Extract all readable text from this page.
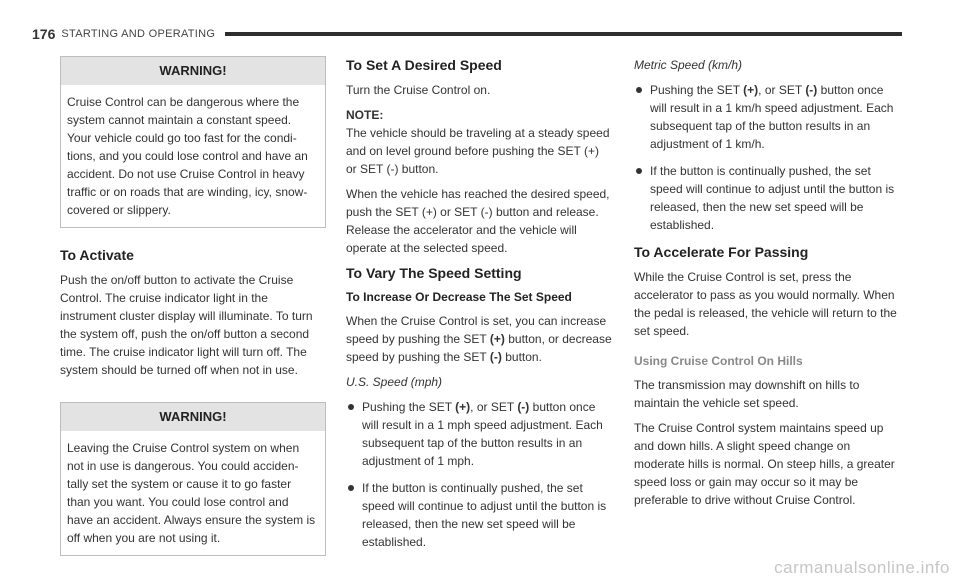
176 STARTING AND OPERATING
WARNING!
Cruise Control can be dangerous where the system cannot maintain a constant speed. Your vehicle could go too fast for the condi-tions, and you could lose control and have an accident. Do not use Cruise Control in heavy traffic or on roads that are winding, icy, snow-covered or slippery.
To Activate

Push the on/off button to activate the Cruise Control. The cruise indicator light in the instrument cluster display will illuminate. To turn the system off, push the on/off button a second time. The cruise indicator light will turn off. The system should be turned off when not in use.

WARNING!
Leaving the Cruise Control system on when not in use is dangerous. You could acciden-tally set the system or cause it to go faster than you want. You could lose control and have an accident. Always ensure the system is off when you are not using it.
To Set A Desired Speed

Turn the Cruise Control on.

NOTE:
The vehicle should be traveling at a steady speed and on level ground before pushing the SET (+) or SET (-) button.

When the vehicle has reached the desired speed, push the SET (+) or SET (-) button and release. Release the accelerator and the vehicle will operate at the selected speed.

To Vary The Speed Setting
To Increase Or Decrease The Set Speed

When the Cruise Control is set, you can increase speed by pushing the SET (+) button, or decrease speed by pushing the SET (-) button.

U.S. Speed (mph)

Pushing the SET (+), or SET (-) button once will result in a 1 mph speed adjustment. Each subsequent tap of the button results in an adjustment of 1 mph.
If the button is continually pushed, the set speed will continue to adjust until the button is released, then the new set speed will be established.

Metric Speed (km/h)

Pushing the SET (+), or SET (-) button once will result in a 1 km/h speed adjustment. Each subsequent tap of the button results in an adjustment of 1 km/h.
If the button is continually pushed, the set speed will continue to adjust until the button is released, then the new set speed will be established.
To Accelerate For Passing

While the Cruise Control is set, press the accelerator to pass as you would normally. When the pedal is released, the vehicle will return to the set speed.

Using Cruise Control On Hills

The transmission may downshift on hills to maintain the vehicle set speed.

The Cruise Control system maintains speed up and down hills. A slight speed change on moderate hills is normal. On steep hills, a greater speed loss or gain may occur so it may be preferable to drive without Cruise Control.

carmanualsonline.info
